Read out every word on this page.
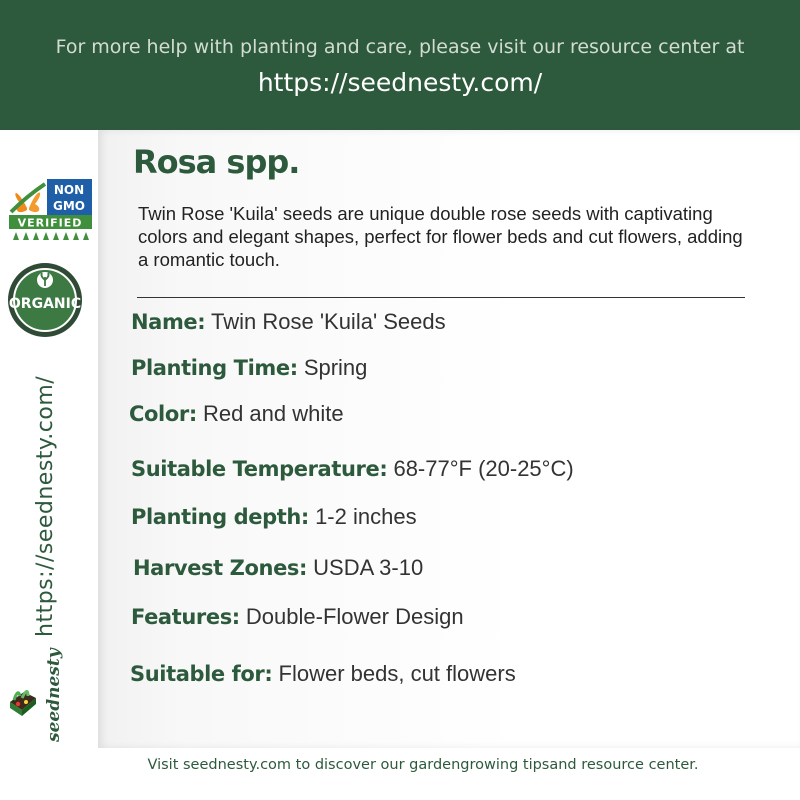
For more help with planting and care, please visit our resource center at
https://seednesty.com/
NON
GMO
VERIFIED
ORGANIC
https://seednesty.com/
seednesty
Rosa spp.
Twin Rose 'Kuila' seeds are unique double rose seeds with captivating colors and elegant shapes, perfect for flower beds and cut flowers, adding a romantic touch.
Name: Twin Rose 'Kuila' Seeds
Planting Time: Spring
Color: Red and white
Suitable Temperature: 68-77°F (20-25°C)
Planting depth: 1-2 inches
Harvest Zones: USDA 3-10
Features: Double-Flower Design
Suitable for: Flower beds, cut flowers
Visit seednesty.com to discover our gardengrowing tipsand resource center.
